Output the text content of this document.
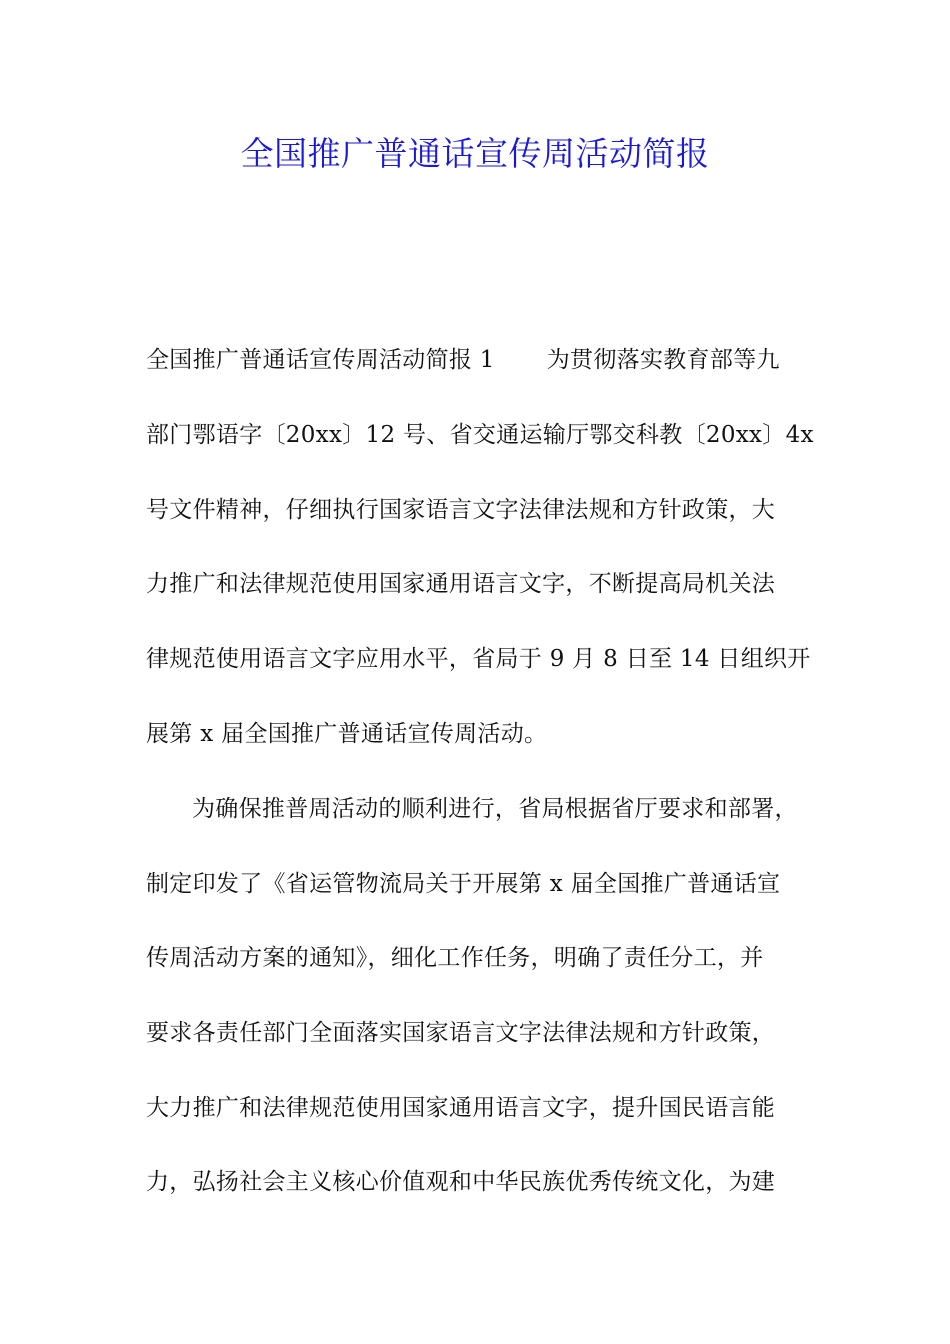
全国推广普通话宣传周活动简报
全国推广普通话宣传周活动简报 1 为贯彻落实教育部等九
部门鄂语字〔20xx〕12 号、省交通运输厅鄂交科教〔20xx〕4x
号文件精神，仔细执行国家语言文字法律法规和方针政策，大
力推广和法律规范使用国家通用语言文字，不断提高局机关法
律规范使用语言文字应用水平，省局于 9 月 8 日至 14 日组织开
展第 x 届全国推广普通话宣传周活动。
为确保推普周活动的顺利进行，省局根据省厅要求和部署，
制定印发了《省运管物流局关于开展第 x 届全国推广普通话宣
传周活动方案的通知》，细化工作任务，明确了责任分工，并
要求各责任部门全面落实国家语言文字法律法规和方针政策，
大力推广和法律规范使用国家通用语言文字，提升国民语言能
力，弘扬社会主义核心价值观和中华民族优秀传统文化，为建
